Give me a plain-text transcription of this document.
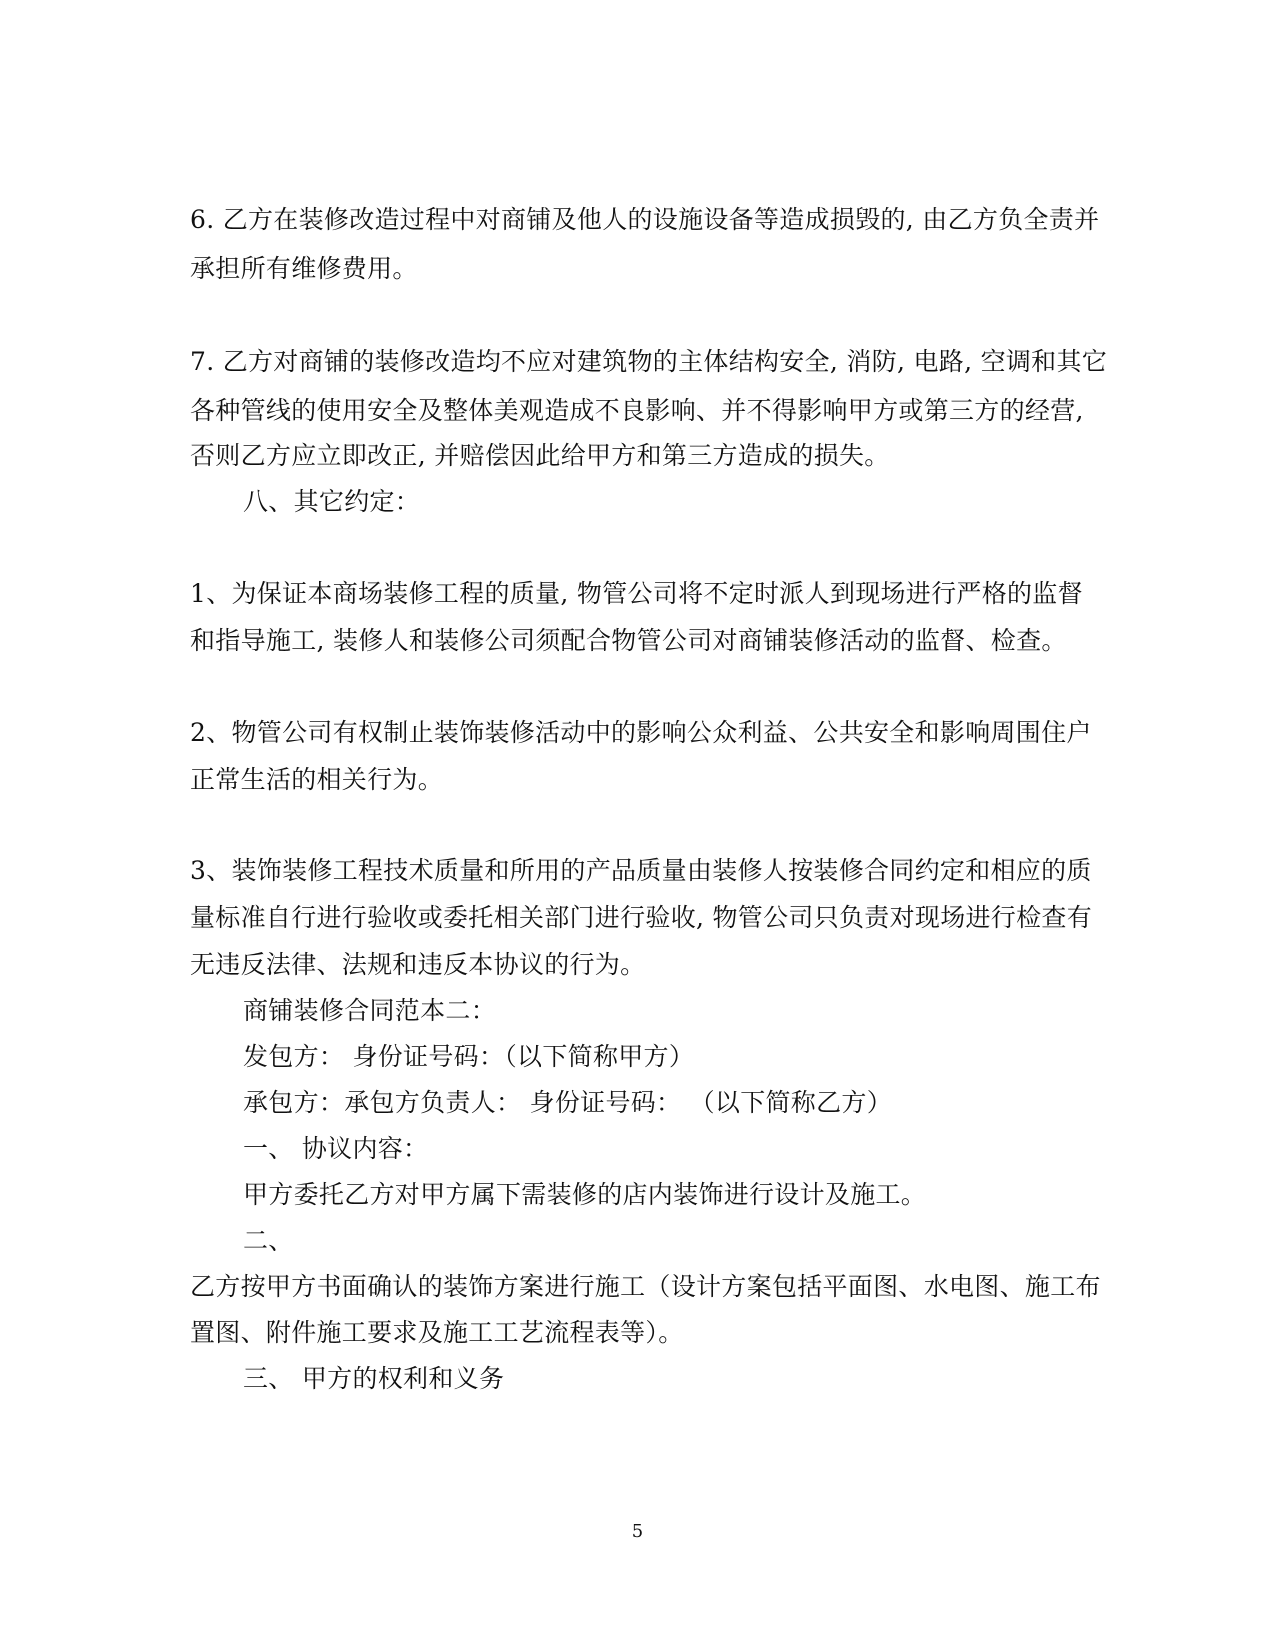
6. 乙方在装修改造过程中对商铺及他人的设施设备等造成损毁的, 由乙方负全责并
承担所有维修费用。
7. 乙方对商铺的装修改造均不应对建筑物的主体结构安全, 消防, 电路, 空调和其它
各种管线的使用安全及整体美观造成不良影响、并不得影响甲方或第三方的经营,
否则乙方应立即改正, 并赔偿因此给甲方和第三方造成的损失。
八、其它约定：
1、为保证本商场装修工程的质量, 物管公司将不定时派人到现场进行严格的监督
和指导施工, 装修人和装修公司须配合物管公司对商铺装修活动的监督、检查。
2、物管公司有权制止装饰装修活动中的影响公众利益、公共安全和影响周围住户
正常生活的相关行为。
3、装饰装修工程技术质量和所用的产品质量由装修人按装修合同约定和相应的质
量标准自行进行验收或委托相关部门进行验收, 物管公司只负责对现场进行检查有
无违反法律、法规和违反本协议的行为。
商铺装修合同范本二：
发包方： 身份证号码：（以下简称甲方）
承包方：承包方负责人： 身份证号码： （以下简称乙方）
一、 协议内容：
甲方委托乙方对甲方属下需装修的店内装饰进行设计及施工。
二、
乙方按甲方书面确认的装饰方案进行施工（设计方案包括平面图、水电图、施工布
置图、附件施工要求及施工工艺流程表等）。
三、 甲方的权利和义务
5
